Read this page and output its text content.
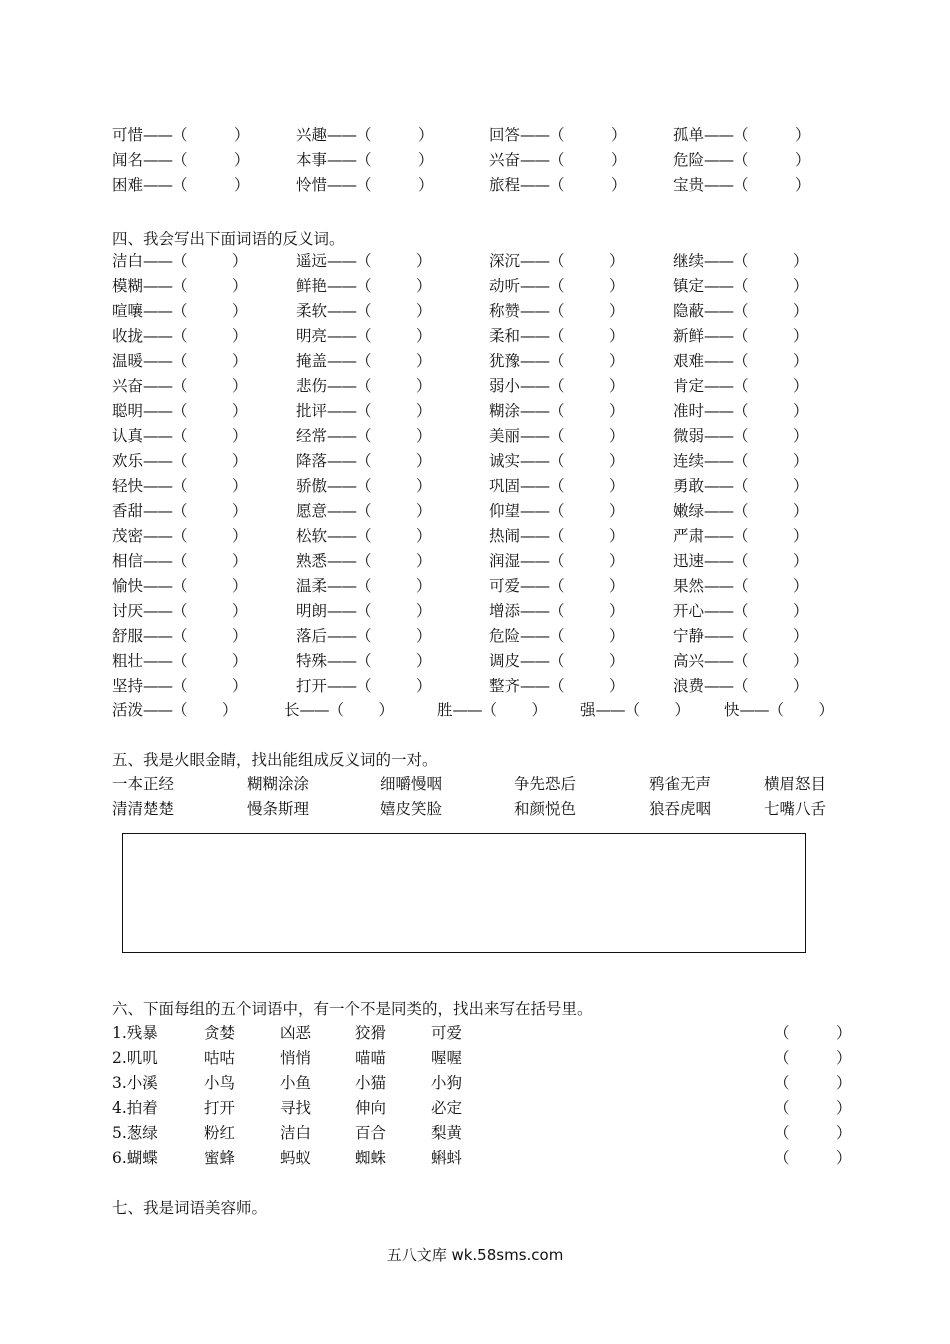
可惜——（　　　）	兴趣——（　　　）	回答——（　　　）	孤单——（　　　）
闻名——（　　　）	本事——（　　　）	兴奋——（　　　）	危险——（　　　）
困难——（　　　）	怜惜——（　　　）	旅程——（　　　）	宝贵——（　　　）
四、我会写出下面词语的反义词。
洁白——（	）	遥远——（	）	深沉——（	）	继续——（	）
模糊——（	）	鲜艳——（	）	动听——（	）	镇定——（	）
喧嚷——（	）	柔软——（	）	称赞——（	）	隐蔽——（	）
收拢——（	）	明亮——（	）	柔和——（	）	新鲜——（	）
温暖——（	）	掩盖——（	）	犹豫——（	）	艰难——（	）
兴奋——（	）	悲伤——（	）	弱小——（	）	肯定——（	）
聪明——（	）	批评——（	）	糊涂——（	）	准时——（	）
认真——（	）	经常——（	）	美丽——（	）	微弱——（	）
欢乐——（	）	降落——（	）	诚实——（	）	连续——（	）
轻快——（	）	骄傲——（	）	巩固——（	）	勇敢——（	）
香甜——（	）	愿意——（	）	仰望——（	）	嫩绿——（	）
茂密——（	）	松软——（	）	热闹——（	）	严肃——（	）
相信——（	）	熟悉——（	）	润湿——（	）	迅速——（	）
愉快——（	）	温柔——（	）	可爱——（	）	果然——（	）
讨厌——（	）	明朗——（	）	增添——（	）	开心——（	）
舒服——（	）	落后——（	）	危险——（	）	宁静——（	）
粗壮——（	）	特殊——（	）	调皮——（	）	高兴——（	）
坚持——（	）	打开——（	）	整齐——（	）	浪费——（	）
活泼——（ ）	长——（ ）	胜——（ ） 强——（ ） 快——（ ）
五、我是火眼金睛，找出能组成反义词的一对。
一本正经	糊糊涂涂	细嚼慢咽	争先恐后	鸦雀无声	横眉怒目
清清楚楚	慢条斯理	嬉皮笑脸	和颜悦色	狼吞虎咽	七嘴八舌
六、下面每组的五个词语中，有一个不是同类的，找出来写在括号里。
1.残暴	贪婪	凶恶	狡猾	可爱	（　　　）
2.叽叽	咕咕	悄悄	喵喵	喔喔	（　　　）
3.小溪	小鸟	小鱼	小猫	小狗	（　　　）
4.拍着	打开	寻找	伸向	必定	（　　　）
5.葱绿	粉红	洁白	百合	梨黄	（　　　）
6.蝴蝶	蜜蜂	蚂蚁	蜘蛛	蝌蚪	（　　　）
七、我是词语美容师。
五八文库 wk.58sms.com
